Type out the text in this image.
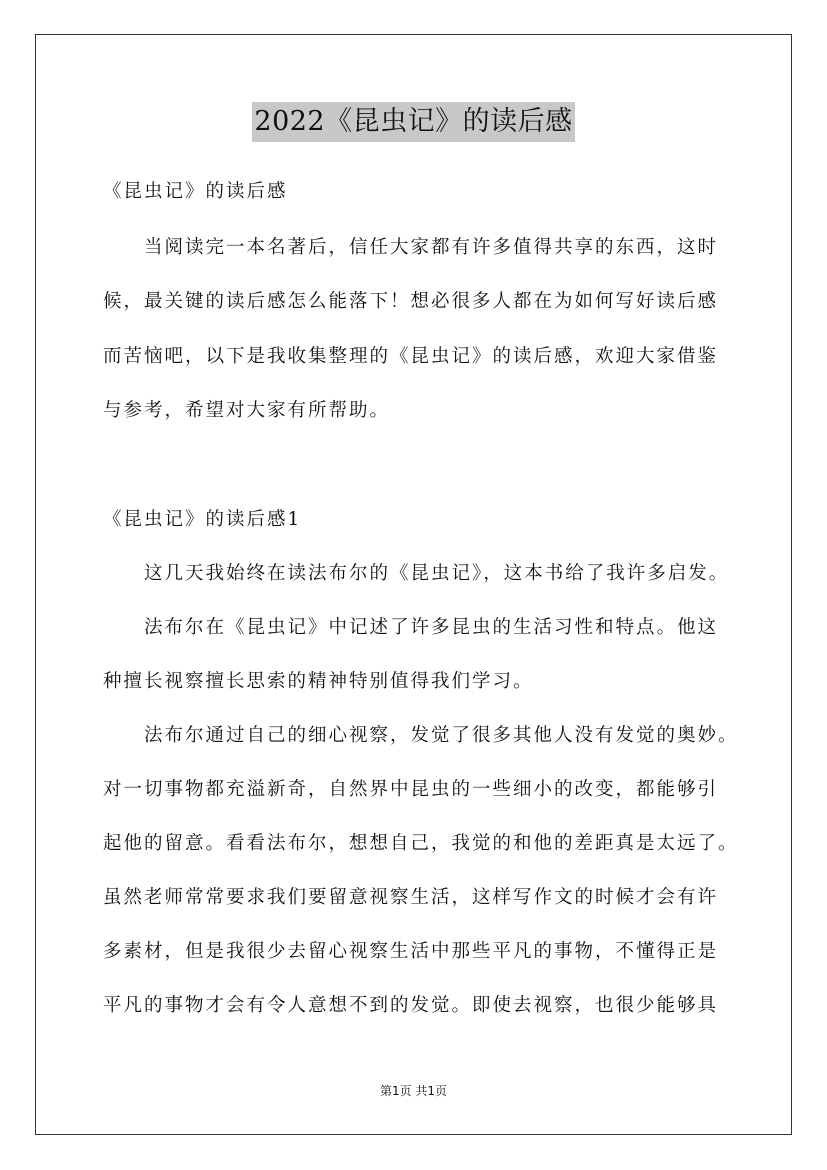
2022《昆虫记》的读后感
《昆虫记》的读后感
当阅读完一本名著后，信任大家都有许多值得共享的东西，这时
候，最关键的读后感怎么能落下！想必很多人都在为如何写好读后感
而苦恼吧，以下是我收集整理的《昆虫记》的读后感，欢迎大家借鉴
与参考，希望对大家有所帮助。
《昆虫记》的读后感1
这几天我始终在读法布尔的《昆虫记》，这本书给了我许多启发。
法布尔在《昆虫记》中记述了许多昆虫的生活习性和特点。他这
种擅长视察擅长思索的精神特别值得我们学习。
法布尔通过自己的细心视察，发觉了很多其他人没有发觉的奥妙。
对一切事物都充溢新奇，自然界中昆虫的一些细小的改变，都能够引
起他的留意。看看法布尔，想想自己，我觉的和他的差距真是太远了。
虽然老师常常要求我们要留意视察生活，这样写作文的时候才会有许
多素材，但是我很少去留心视察生活中那些平凡的事物，不懂得正是
平凡的事物才会有令人意想不到的发觉。即使去视察，也很少能够具
第1页 共1页
